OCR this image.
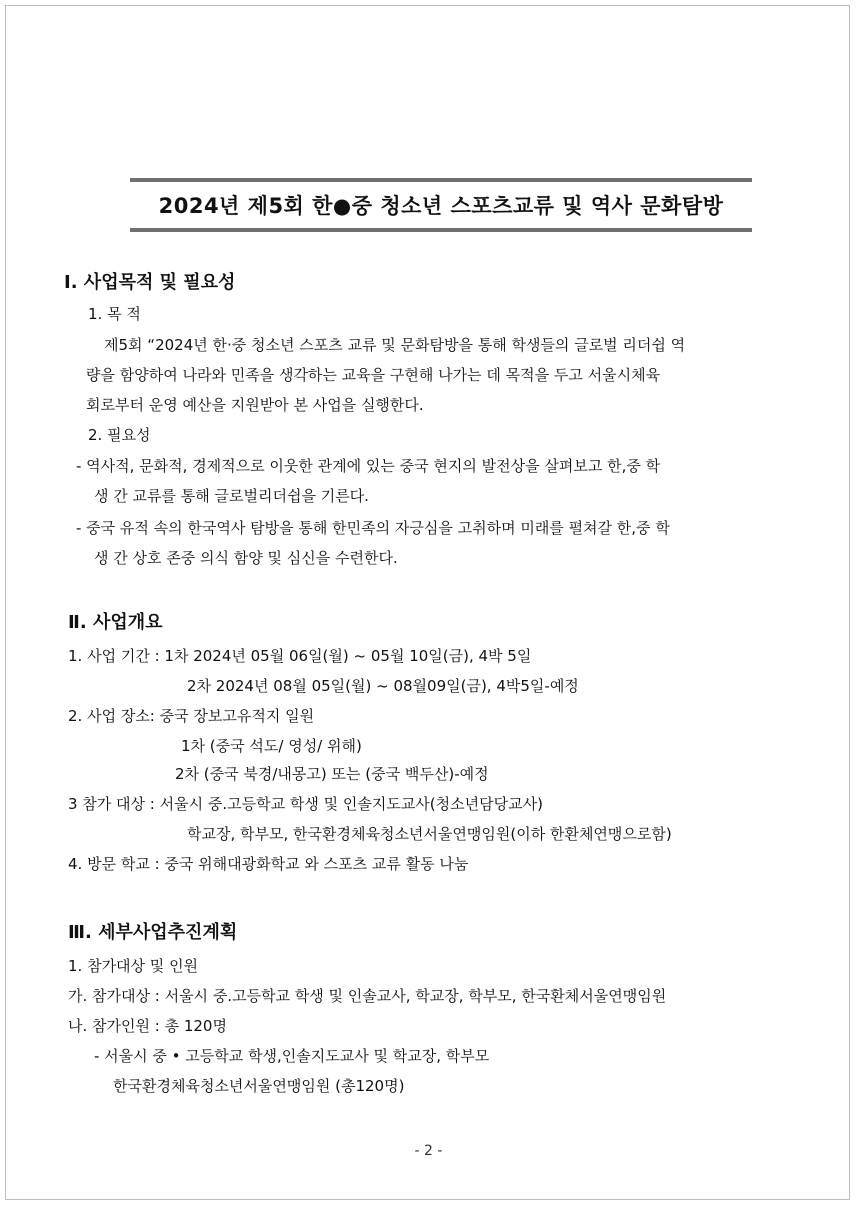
2024년 제5회 한●중 청소년 스포츠교류 및 역사 문화탐방
Ⅰ. 사업목적 및 필요성
1. 목 적

제5회 “2024년 한·중 청소년 스포츠 교류 및 문화탐방을 통해 학생들의 글로벌 리더쉽 역

량을 함양하여 나라와 민족을 생각하는 교육을 구현해 나가는 데 목적을 두고 서울시체육

회로부터 운영 예산을 지원받아 본 사업을 실행한다.

2. 필요성
- 역사적, 문화적, 경제적으로 이웃한 관계에 있는 중국 현지의 발전상을 살펴보고 한,중 학
생 간 교류를 통해 글로벌리더쉽을 기른다.
- 중국 유적 속의 한국역사 탐방을 통해 한민족의 자긍심을 고취하며 미래를 펼쳐갈 한,중 학
생 간 상호 존중 의식 함양 및 심신을 수련한다.
Ⅱ. 사업개요
1. 사업 기간 : 1차 2024년 05월 06일(월) ~ 05월 10일(금), 4박 5일
2차 2024년 08월 05일(월) ~ 08월09일(금), 4박5일-예정
2. 사업 장소: 중국 장보고유적지 일원
1차 (중국 석도/ 영성/ 위해)
2차 (중국 북경/내몽고) 또는 (중국 백두산)-예정
3 참가 대상 : 서울시 중.고등학교 학생 및 인솔지도교사(청소년담당교사)
학교장, 학부모, 한국환경체육청소년서울연맹임원(이하 한환체연맹으로함)
4. 방문 학교 : 중국 위해대광화학교 와 스포츠 교류 활동 나눔
Ⅲ. 세부사업추진계획
1. 참가대상 및 인원
가. 참가대상 : 서울시 중.고등학교 학생 및 인솔교사, 학교장, 학부모, 한국환체서울연맹임원
나. 참가인원 : 총 120명
- 서울시 중 • 고등학교 학생,인솔지도교사 및 학교장, 학부모
한국환경체육청소년서울연맹임원 (총120명)
- 2 -
